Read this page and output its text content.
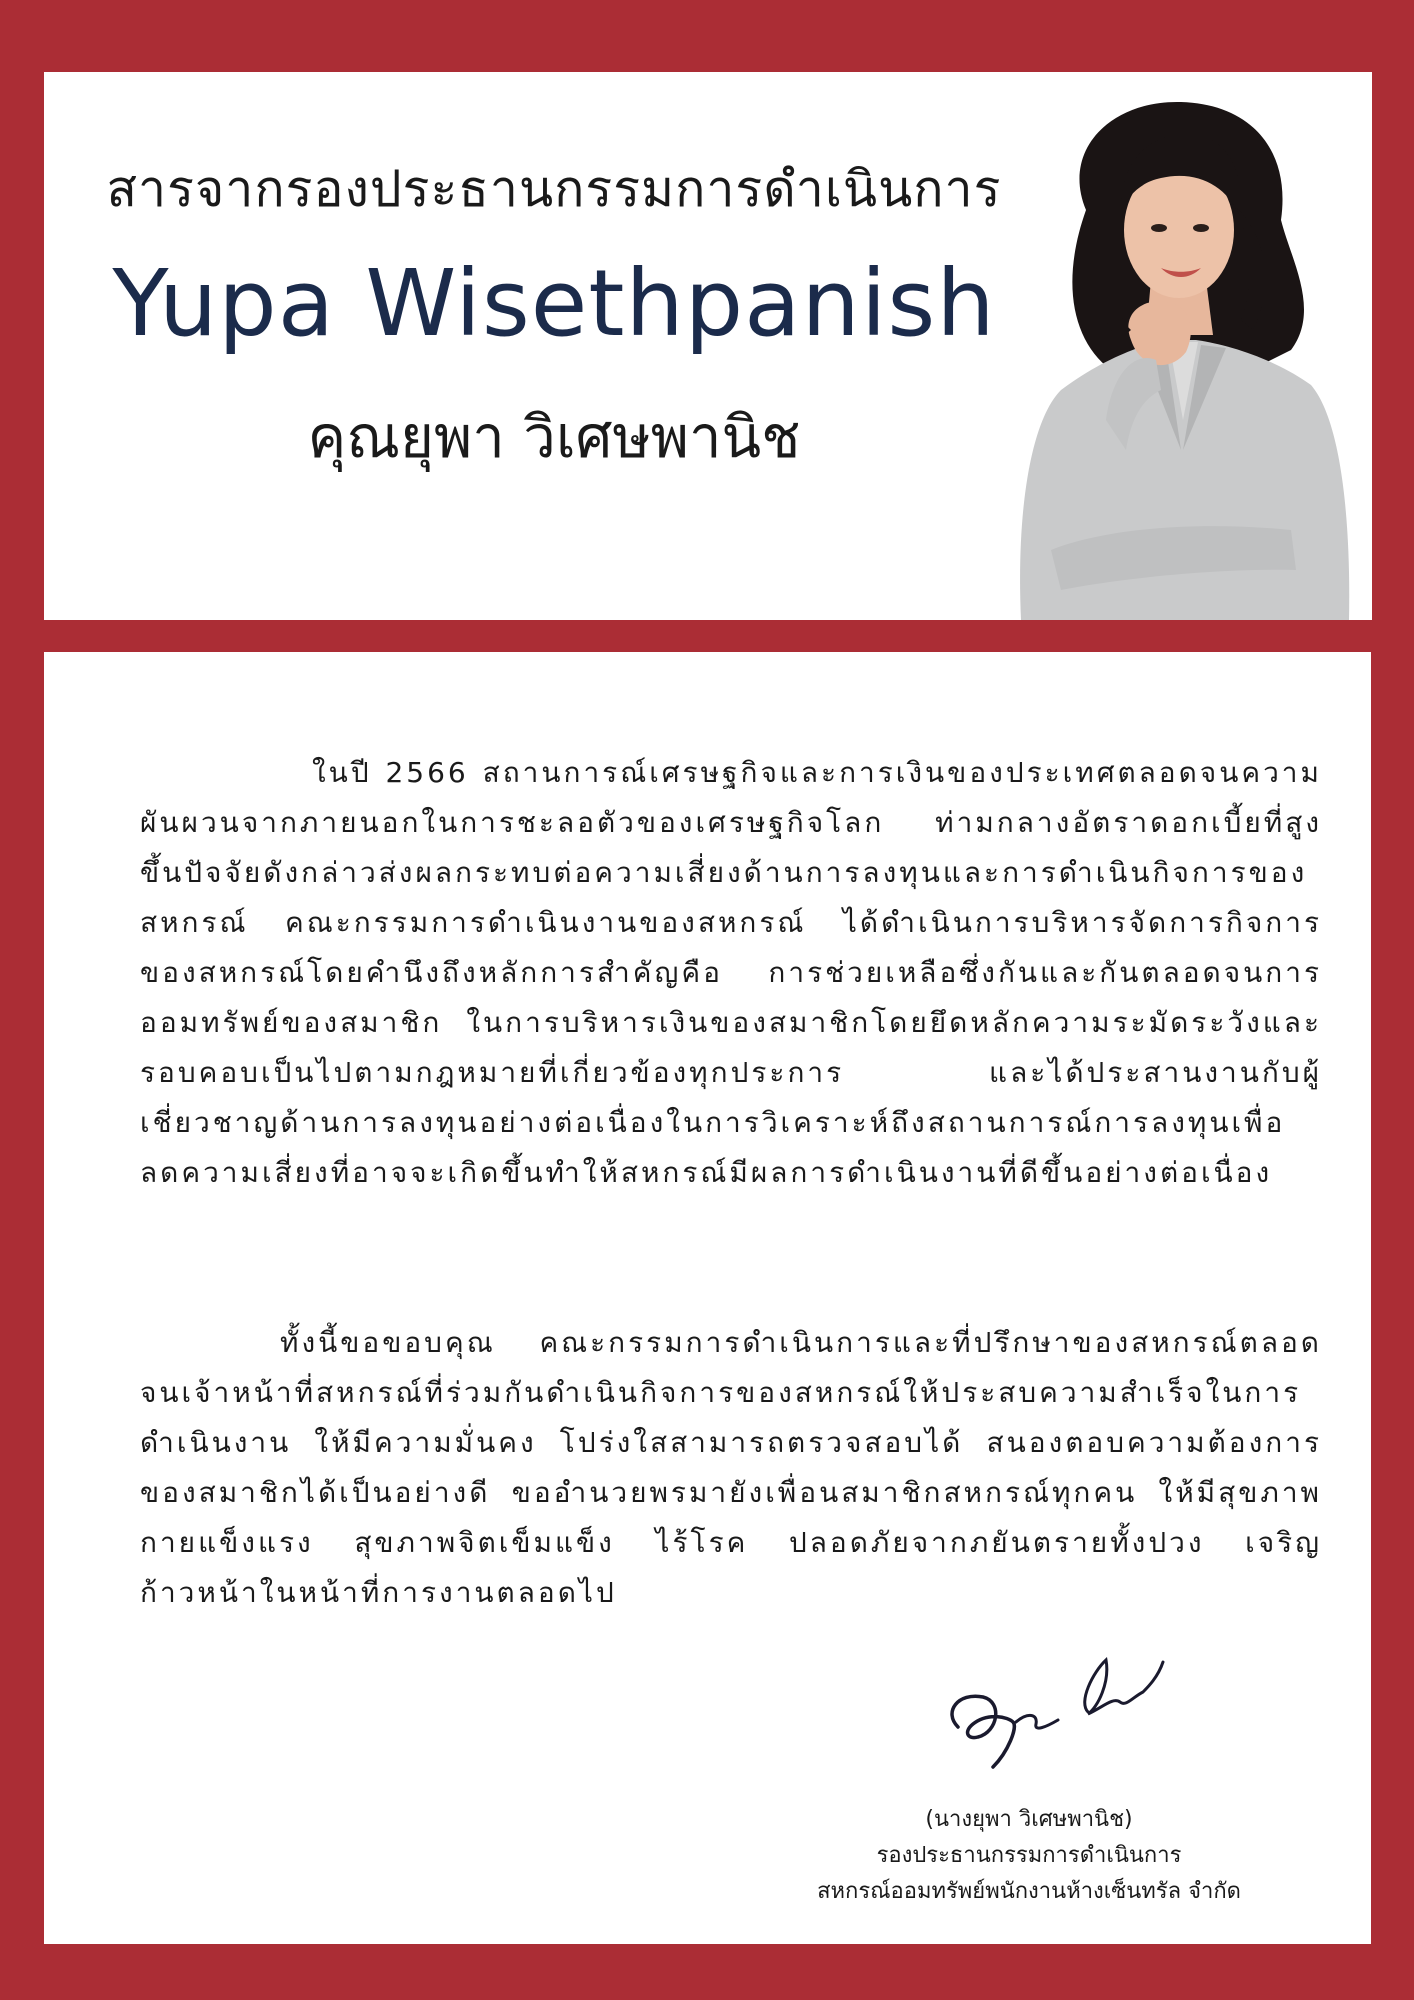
สารจากรองประธานกรรมการดำเนินการ
Yupa Wisethpanish
คุณยุพา วิเศษพานิช
ในปี 2566 สถานการณ์เศรษฐกิจและการเงินของประเทศตลอดจนความผันผวนจากภายนอกในการชะลอตัวของเศรษฐกิจโลก ท่ามกลางอัตราดอกเบี้ยที่สูงขึ้นปัจจัยดังกล่าวส่งผลกระทบต่อความเสี่ยงด้านการลงทุนและการดำเนินกิจการของสหกรณ์ คณะกรรมการดำเนินงานของสหกรณ์ ได้ดำเนินการบริหารจัดการกิจการของสหกรณ์โดยคำนึงถึงหลักการสำคัญคือ การช่วยเหลือซึ่งกันและกันตลอดจนการออมทรัพย์ของสมาชิก ในการบริหารเงินของสมาชิกโดยยึดหลักความระมัดระวังและรอบคอบเป็นไปตามกฎหมายที่เกี่ยวข้องทุกประการ และได้ประสานงานกับผู้เชี่ยวชาญด้านการลงทุนอย่างต่อเนื่องในการวิเคราะห์ถึงสถานการณ์การลงทุนเพื่อลดความเสี่ยงที่อาจจะเกิดขึ้นทำให้สหกรณ์มีผลการดำเนินงานที่ดีขึ้นอย่างต่อเนื่อง
ทั้งนี้ขอขอบคุณ คณะกรรมการดำเนินการและที่ปรึกษาของสหกรณ์ตลอดจนเจ้าหน้าที่สหกรณ์ที่ร่วมกันดำเนินกิจการของสหกรณ์ให้ประสบความสำเร็จในการดำเนินงาน ให้มีความมั่นคง โปร่งใสสามารถตรวจสอบได้ สนองตอบความต้องการของสมาชิกได้เป็นอย่างดี ขออำนวยพรมายังเพื่อนสมาชิกสหกรณ์ทุกคน ให้มีสุขภาพกายแข็งแรง สุขภาพจิตเข็มแข็ง ไร้โรค ปลอดภัยจากภยันตรายทั้งปวง เจริญก้าวหน้าในหน้าที่การงานตลอดไป
(นางยุพา วิเศษพานิช)
รองประธานกรรมการดำเนินการ
สหกรณ์ออมทรัพย์พนักงานห้างเซ็นทรัล จำกัด
